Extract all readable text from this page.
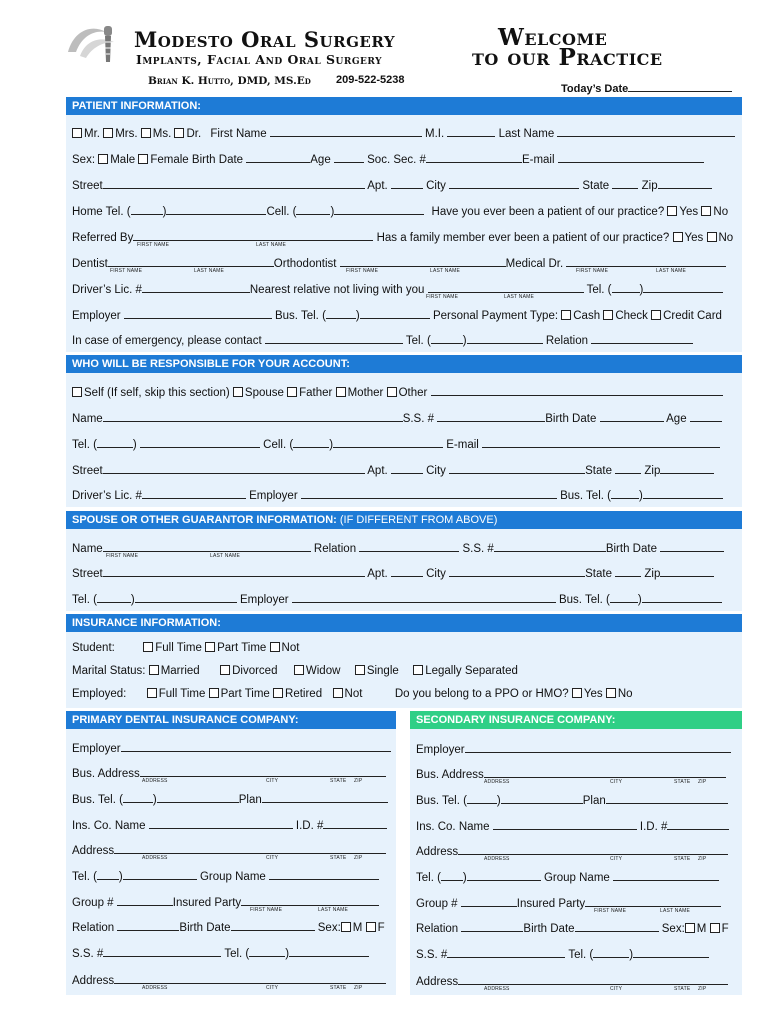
Modesto Oral Surgery
Implants, Facial And Oral Surgery
Brian K. Hutto, DMD, MS.Ed 209-522-5238
Welcome
to our Practice
Today’s Date
PATIENT INFORMATION:
Mr. Mrs. Ms. Dr. First Name	M.I.	Last Name
Sex: Male Female Birth Date	Age	Soc. Sec. #	E-mail
Street	Apt.	City	State	Zip
Home Tel. (	)	Cell. (	)	Have you ever been a patient of our practice? Yes No
Referred By	Has a family member ever been a patient of our practice? Yes No
FIRST NAME	LAST NAME
Dentist	Orthodontist	Medical Dr.
FIRST NAME	LAST NAME	FIRST NAME	LAST NAME	FIRST NAME	LAST NAME
Driver’s Lic. #	Nearest relative not living with you	Tel. ( )
FIRST NAME	LAST NAME
Employer	Bus. Tel. (	)	Personal Payment Type: Cash Check Credit Card
In case of emergency, please contact	Tel. (	)	Relation
WHO WILL BE RESPONSIBLE FOR YOUR ACCOUNT:
Self (If self, skip this section) Spouse Father Mother Other
Name	S.S. #	Birth Date	Age
Tel. (	)	Cell. (	)	E-mail
Street	Apt.	City	State	Zip
Driver’s Lic. #	Employer	Bus. Tel. ( )
SPOUSE OR OTHER GUARANTOR INFORMATION: (IF DIFFERENT FROM ABOVE)
Name	Relation	S.S. #	Birth Date
FIRST NAME	LAST NAME
Street	Apt.	City	State	Zip
Tel. (	)	Employer	Bus. Tel. ( )
INSURANCE INFORMATION:
Student:	Full Time Part Time Not
Marital Status: Married	Divorced Widow Single Legally Separated
Employed:	Full Time Part Time Retired Not	Do you belong to a PPO or HMO? Yes No
PRIMARY DENTAL INSURANCE COMPANY:	SECONDARY INSURANCE COMPANY:
Employer
Bus. Address
ADDRESS	CITY	STATE ZIP
Bus. Tel. (	)	Plan
Ins. Co. Name	I.D. #
Address
ADDRESS	CITY	STATE ZIP
Tel. ( )	Group Name
Group #	Insured Party
FIRST NAME	LAST NAME
Relation	Birth Date	Sex: M F
S.S. #	Tel. (	)
Address
ADDRESS	CITY	STATE ZIP
Employer
Bus. Address
ADDRESS	CITY	STATE ZIP
Bus. Tel. (	)	Plan
Ins. Co. Name	I.D. #
Address
ADDRESS	CITY	STATE ZIP
Tel. ( )	Group Name
Group #	Insured Party
FIRST NAME	LAST NAME
Relation	Birth Date	Sex: M F
S.S. #	Tel. (	)
Address
ADDRESS	CITY	STATE ZIP
